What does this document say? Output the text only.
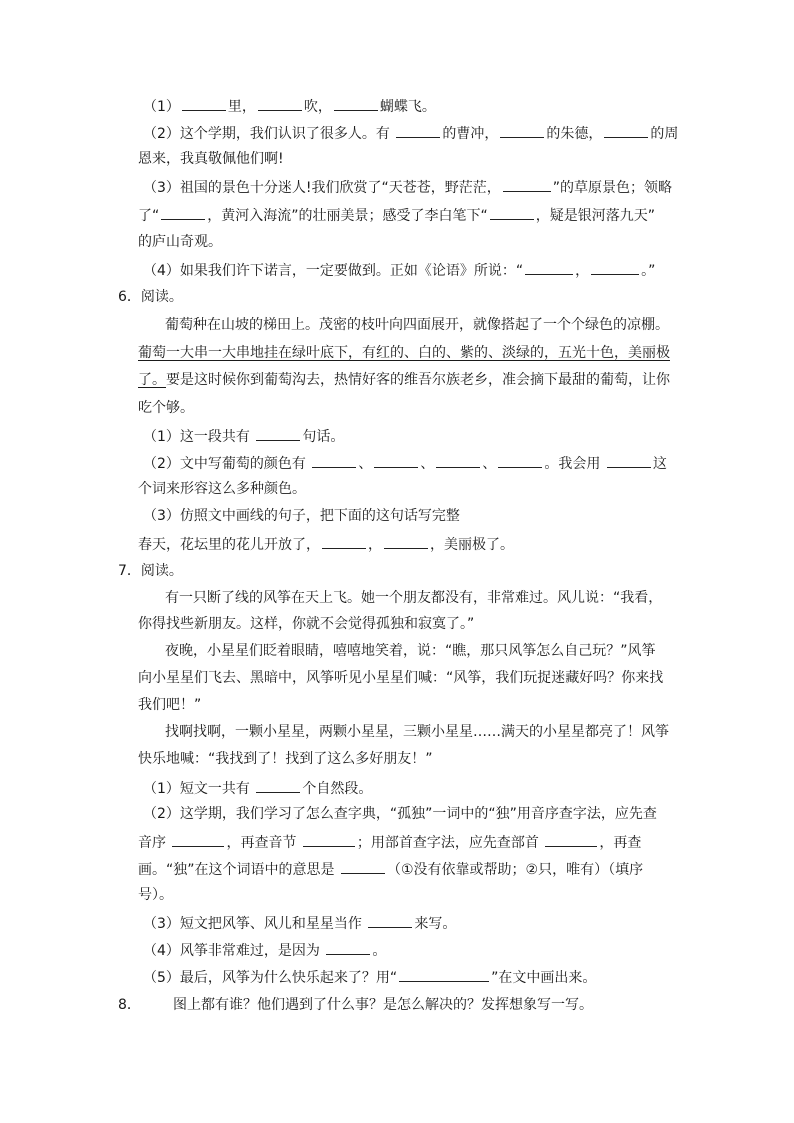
（1）	里，	吹，	蝴蝶飞。
（2）这个学期，我们认识了很多人。有	的曹冲，	的朱德，	的周
恩来，我真敬佩他们啊!
（3）祖国的景色十分迷人!我们欣赏了“天苍苍，野茫茫，	”的草原景色；领略
了“	，黄河入海流”的壮丽美景；感受了李白笔下“	，疑是银河落九天”
的庐山奇观。
（4）如果我们许下诺言，一定要做到。正如《论语》所说：“	，	。”
6．阅读。
葡萄种在山坡的梯田上。茂密的枝叶向四面展开，就像搭起了一个个绿色的凉棚。
葡萄一大串一大串地挂在绿叶底下，有红的、白的、紫的、淡绿的，五光十色，美丽极
了。要是这时候你到葡萄沟去，热情好客的维吾尔族老乡，准会摘下最甜的葡萄，让你
吃个够。
（1）这一段共有	句话。
（2）文中写葡萄的颜色有	、	、	、	。我会用	这
个词来形容这么多种颜色。
（3）仿照文中画线的句子，把下面的这句话写完整
春天，花坛里的花儿开放了，	，	，美丽极了。
7．阅读。
有一只断了线的风筝在天上飞。她一个朋友都没有，非常难过。风儿说：“我看，
你得找些新朋友。这样，你就不会觉得孤独和寂寞了。”
夜晚，小星星们眨着眼睛，嘻嘻地笑着，说：“瞧，那只风筝怎么自己玩？”风筝
向小星星们飞去、黑暗中，风筝听见小星星们喊：“风筝，我们玩捉迷藏好吗？你来找
我们吧！”
找啊找啊，一颗小星星，两颗小星星，三颗小星星……满天的小星星都亮了！风筝
快乐地喊：“我找到了！找到了这么多好朋友！”
（1）短文一共有	个自然段。
（2）这学期，我们学习了怎么查字典，“孤独”一词中的“独”用音序查字法，应先查
音序	，再查音节	；用部首查字法，应先查部首	，再查
画。“独”在这个词语中的意思是	（①没有依靠或帮助；②只，唯有）（填序
号）。
（3）短文把风筝、风儿和星星当作	来写。
（4）风筝非常难过，是因为	。
（5）最后，风筝为什么快乐起来了？用“	”在文中画出来。
8． 图上都有谁？他们遇到了什么事？是怎么解决的？发挥想象写一写。
